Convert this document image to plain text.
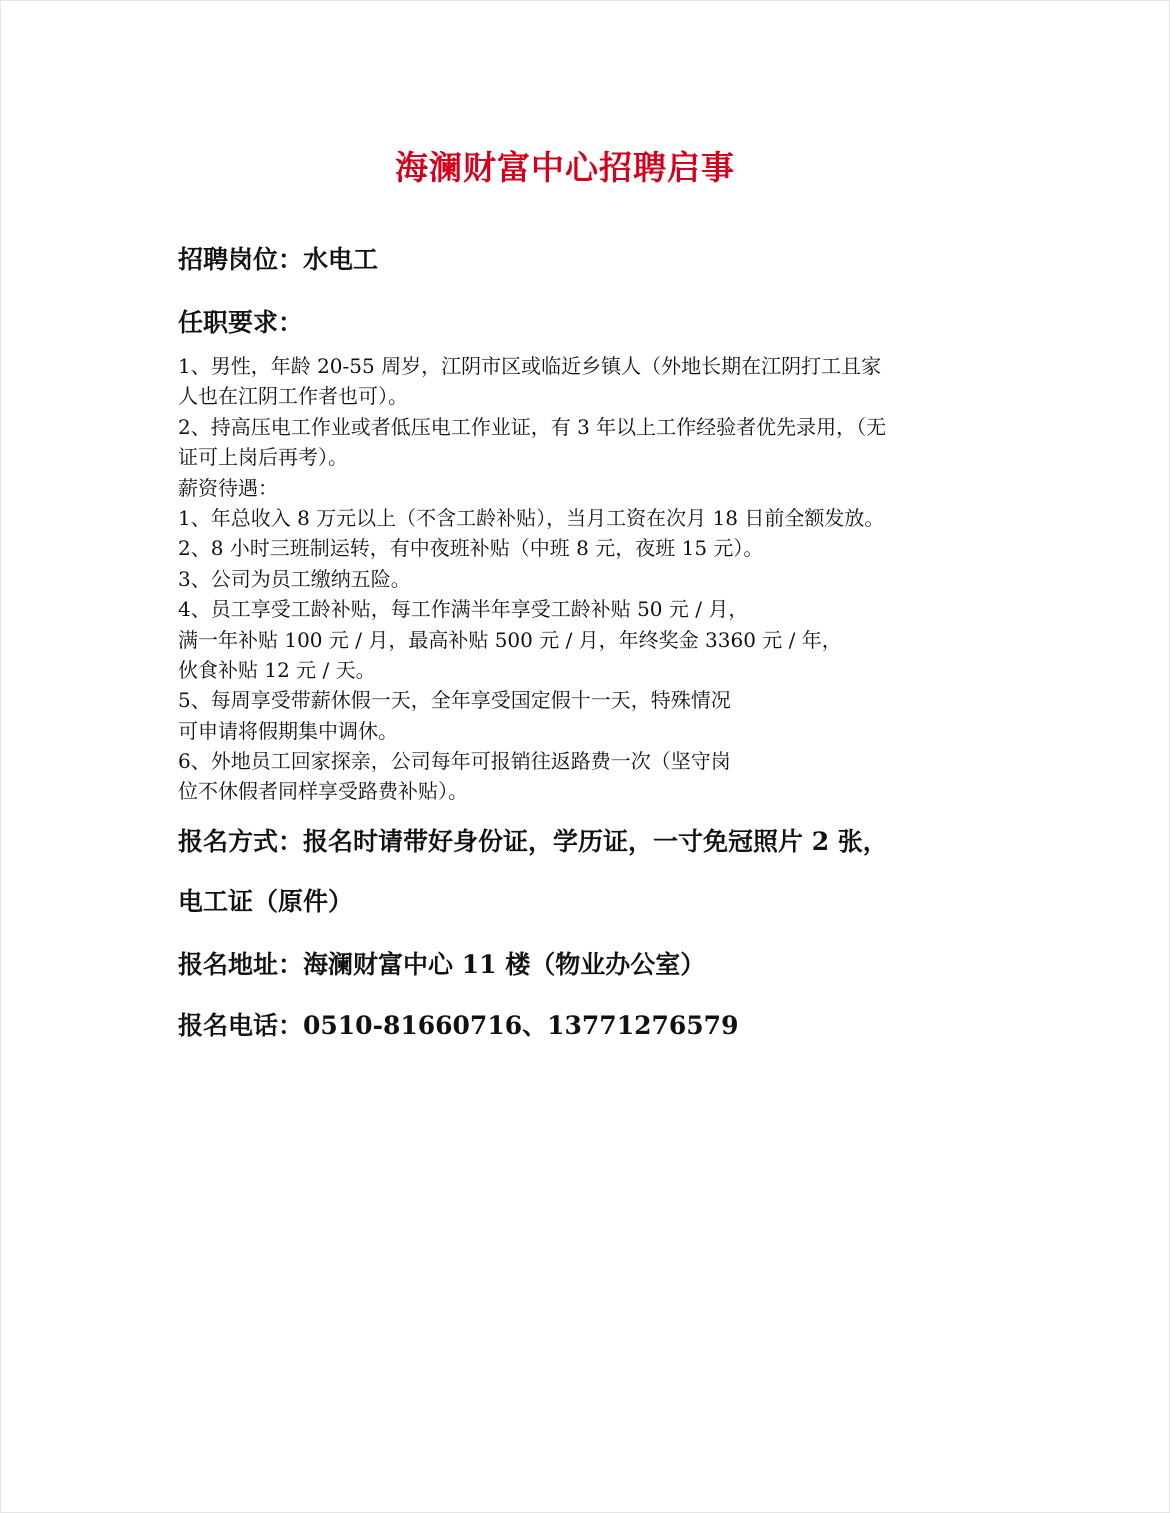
海澜财富中心招聘启事
招聘岗位：水电工
任职要求：
1、男性，年龄 20-55 周岁，江阴市区或临近乡镇人（外地长期在江阴打工且家
人也在江阴工作者也可）。
2、持高压电工作业或者低压电工作业证，有 3 年以上工作经验者优先录用，（无
证可上岗后再考）。
薪资待遇：
1、年总收入 8 万元以上（不含工龄补贴），当月工资在次月 18 日前全额发放。
2、8 小时三班制运转，有中夜班补贴（中班 8 元，夜班 15 元）。
3、公司为员工缴纳五险。
4、员工享受工龄补贴，每工作满半年享受工龄补贴 50 元 / 月，
满一年补贴 100 元 / 月，最高补贴 500 元 / 月，年终奖金 3360 元 / 年，
伙食补贴 12 元 / 天。
5、每周享受带薪休假一天，全年享受国定假十一天，特殊情况
可申请将假期集中调休。
6、外地员工回家探亲，公司每年可报销往返路费一次（坚守岗
位不休假者同样享受路费补贴）。
报名方式：报名时请带好身份证，学历证，一寸免冠照片 2 张，
电工证（原件）
报名地址：海澜财富中心 11 楼（物业办公室）
报名电话：0510-81660716、13771276579
